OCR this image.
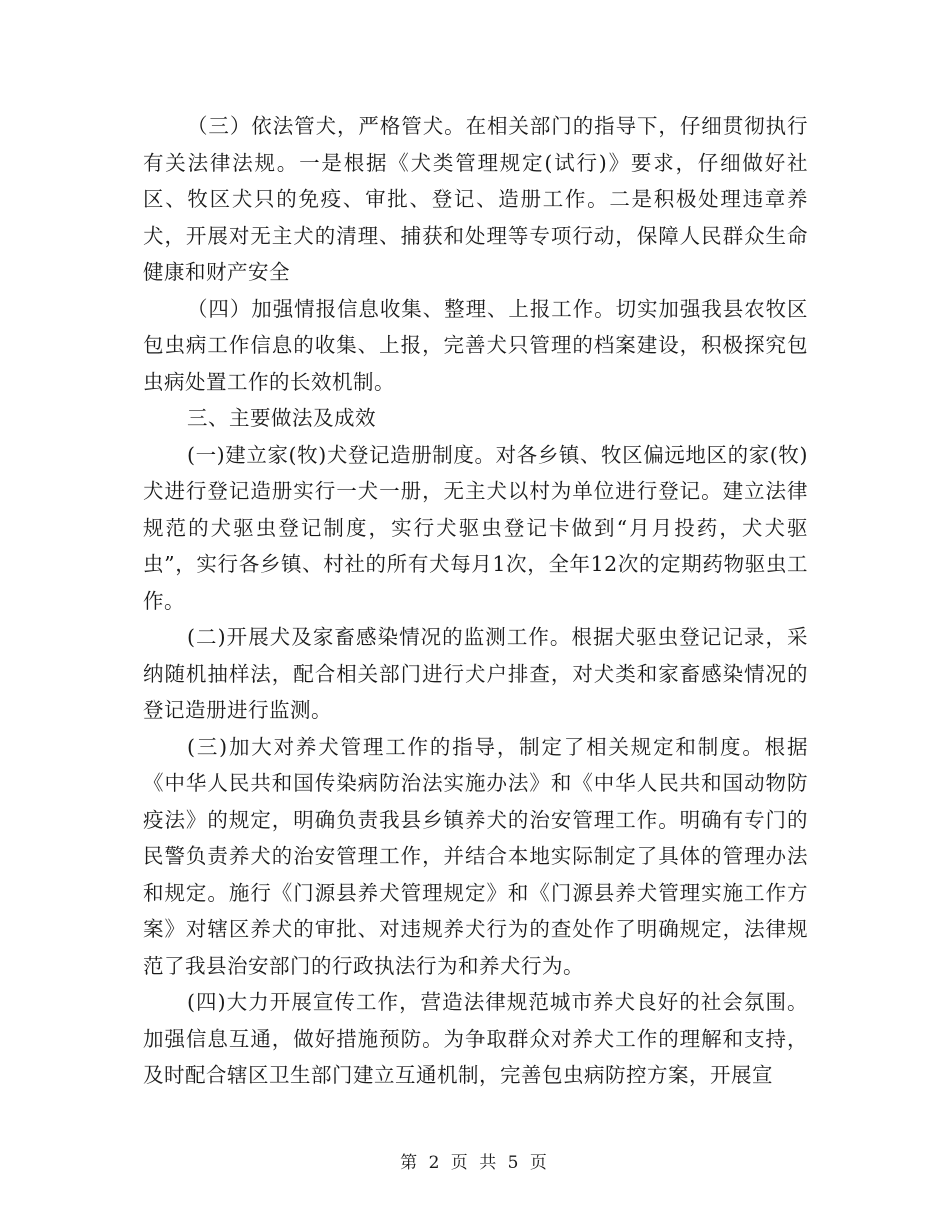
（三）依法管犬，严格管犬。在相关部门的指导下，仔细贯彻执行有关法律法规。一是根据《犬类管理规定(试行)》要求，仔细做好社区、牧区犬只的免疫、审批、登记、造册工作。二是积极处理违章养犬，开展对无主犬的清理、捕获和处理等专项行动，保障人民群众生命健康和财产安全

（四）加强情报信息收集、整理、上报工作。切实加强我县农牧区包虫病工作信息的收集、上报，完善犬只管理的档案建设，积极探究包虫病处置工作的长效机制。

三、主要做法及成效

(一)建立家(牧)犬登记造册制度。对各乡镇、牧区偏远地区的家(牧)犬进行登记造册实行一犬一册，无主犬以村为单位进行登记。建立法律规范的犬驱虫登记制度，实行犬驱虫登记卡做到“月月投药，犬犬驱虫”，实行各乡镇、村社的所有犬每月1次，全年12次的定期药物驱虫工作。

(二)开展犬及家畜感染情况的监测工作。根据犬驱虫登记记录，采纳随机抽样法，配合相关部门进行犬户排查，对犬类和家畜感染情况的登记造册进行监测。

(三)加大对养犬管理工作的指导，制定了相关规定和制度。根据《中华人民共和国传染病防治法实施办法》和《中华人民共和国动物防疫法》的规定，明确负责我县乡镇养犬的治安管理工作。明确有专门的民警负责养犬的治安管理工作，并结合本地实际制定了具体的管理办法和规定。施行《门源县养犬管理规定》和《门源县养犬管理实施工作方案》对辖区养犬的审批、对违规养犬行为的查处作了明确规定，法律规范了我县治安部门的行政执法行为和养犬行为。

(四)大力开展宣传工作，营造法律规范城市养犬良好的社会氛围。加强信息互通，做好措施预防。为争取群众对养犬工作的理解和支持，及时配合辖区卫生部门建立互通机制，完善包虫病防控方案，开展宣

第 2 页 共 5 页
